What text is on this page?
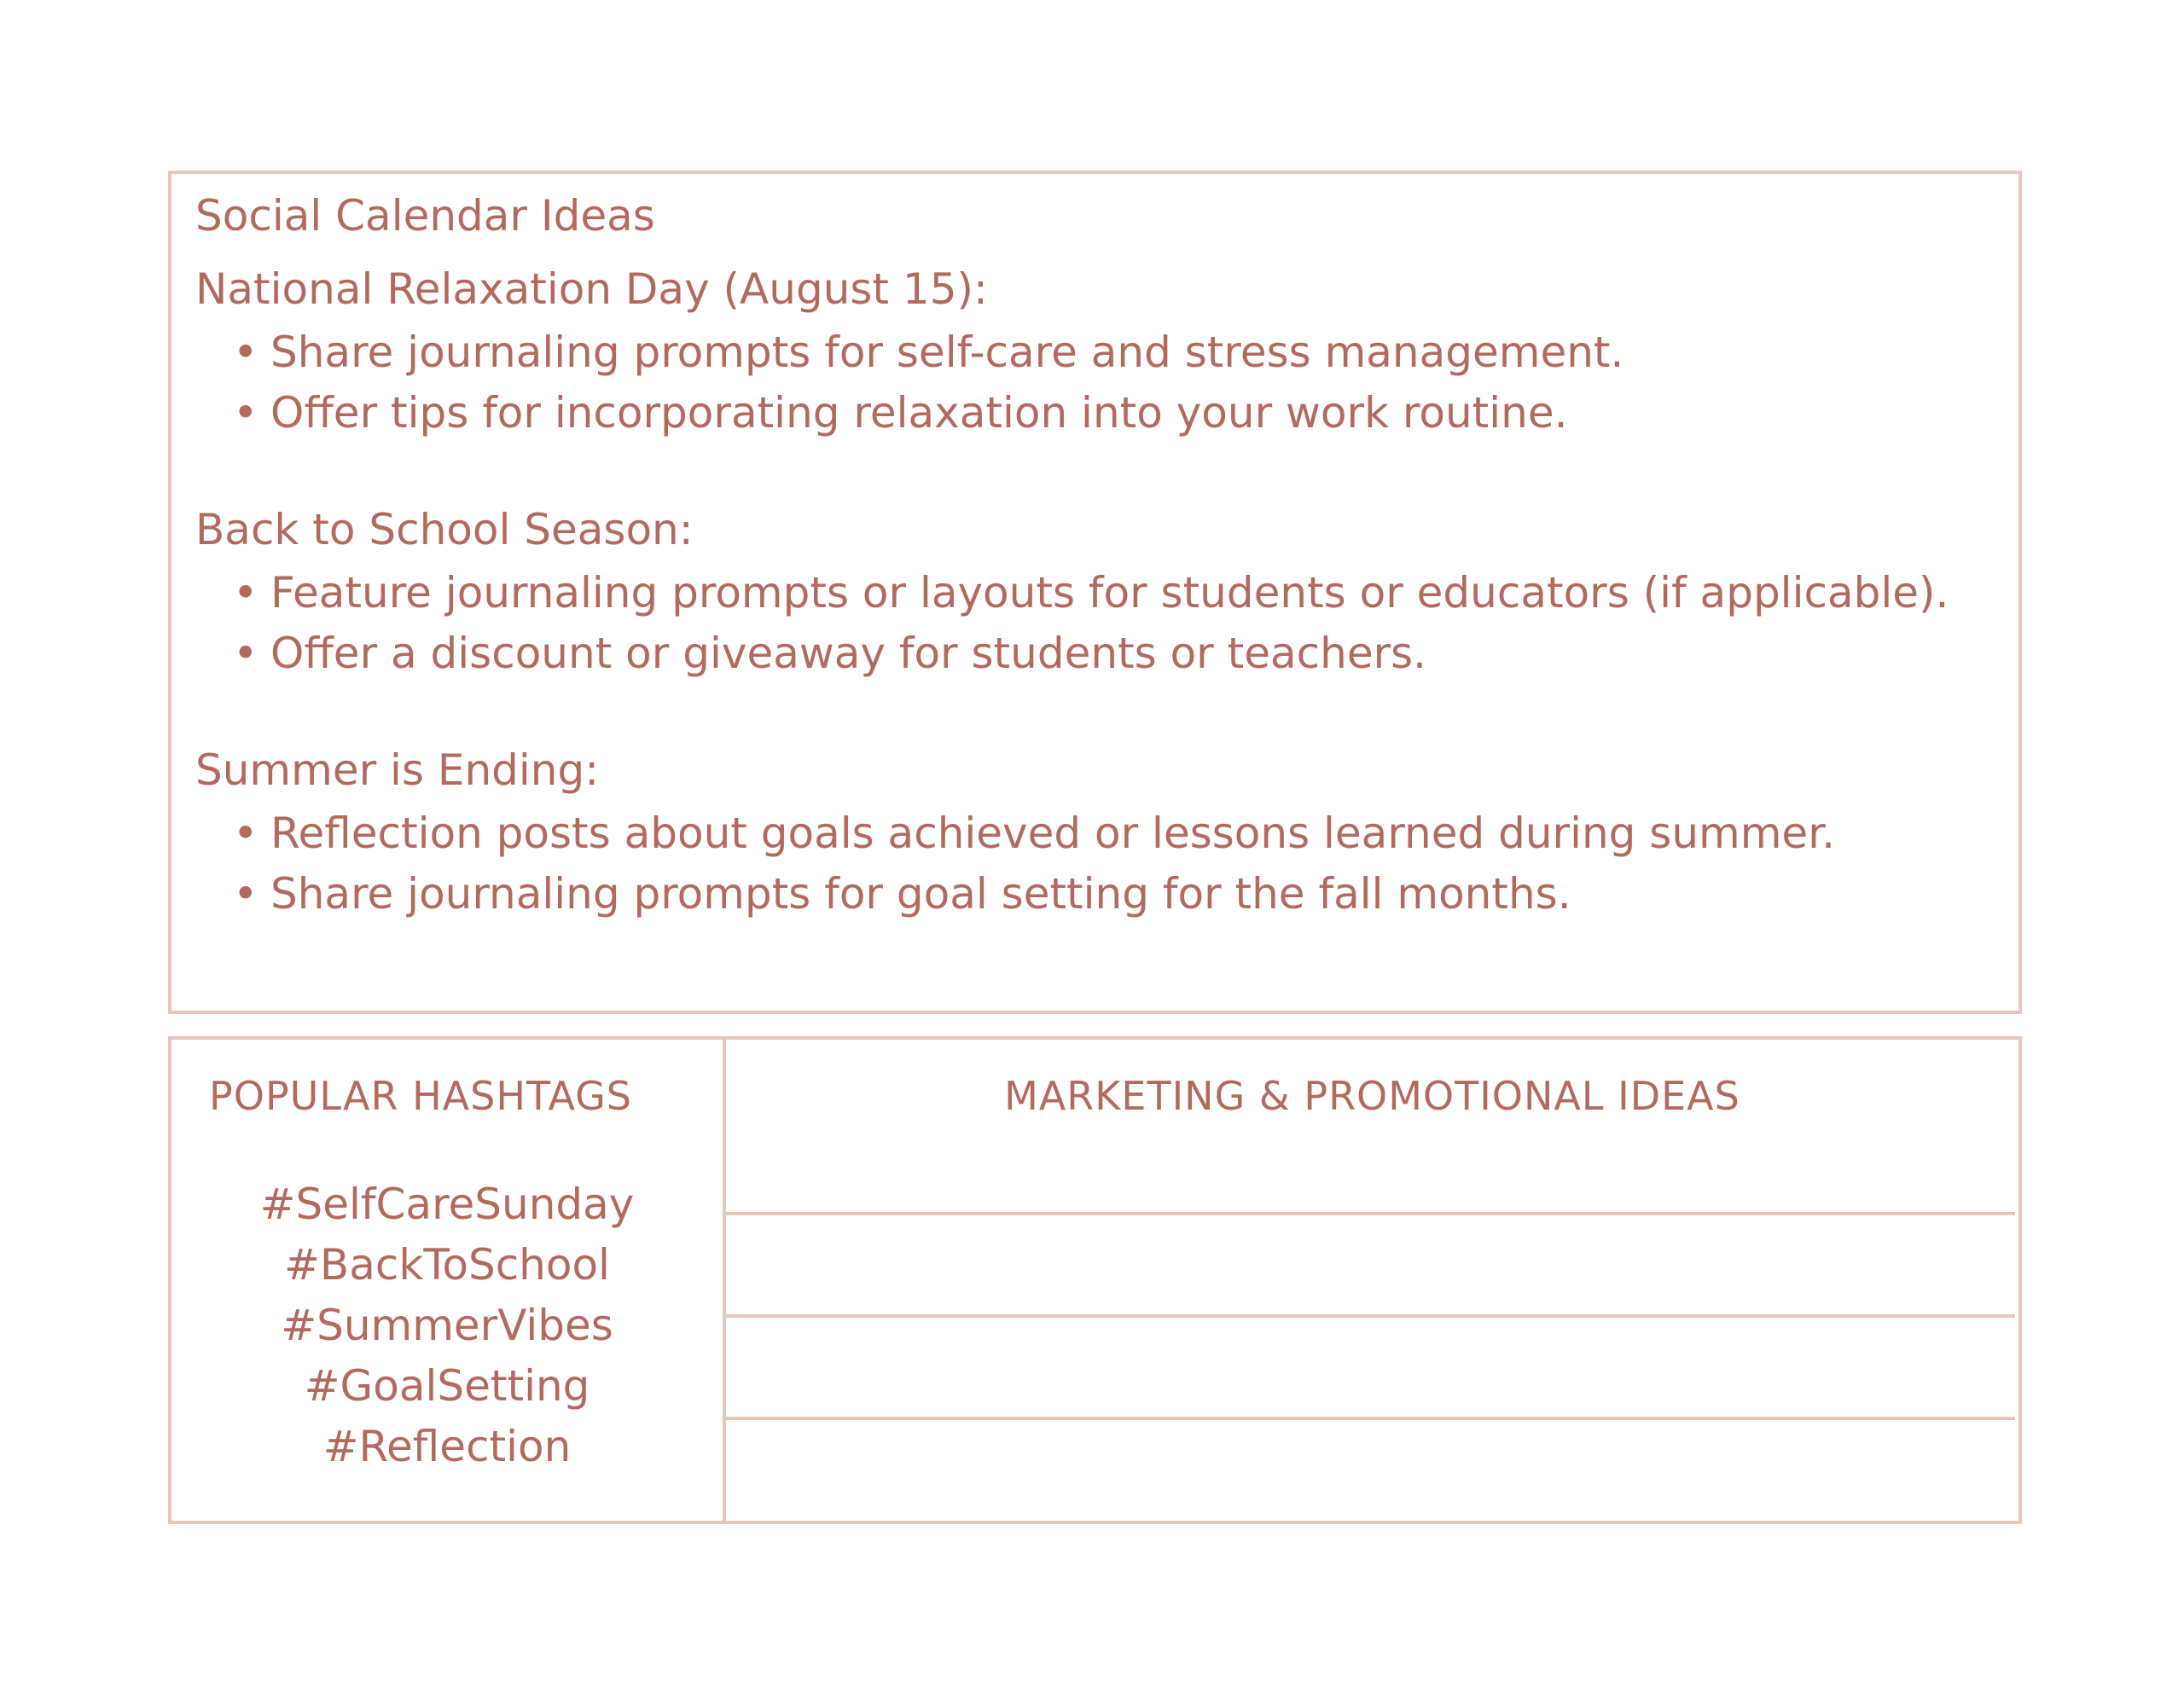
Social Calendar Ideas
National Relaxation Day (August 15):
• Share journaling prompts for self-care and stress management.
• Offer tips for incorporating relaxation into your work routine.
Back to School Season:
• Feature journaling prompts or layouts for students or educators (if applicable).
• Offer a discount or giveaway for students or teachers.
Summer is Ending:
• Reflection posts about goals achieved or lessons learned during summer.
• Share journaling prompts for goal setting for the fall months.
POPULAR HASHTAGS
#SelfCareSunday
#BackToSchool
#SummerVibes
#GoalSetting
#Reflection
MARKETING & PROMOTIONAL IDEAS
